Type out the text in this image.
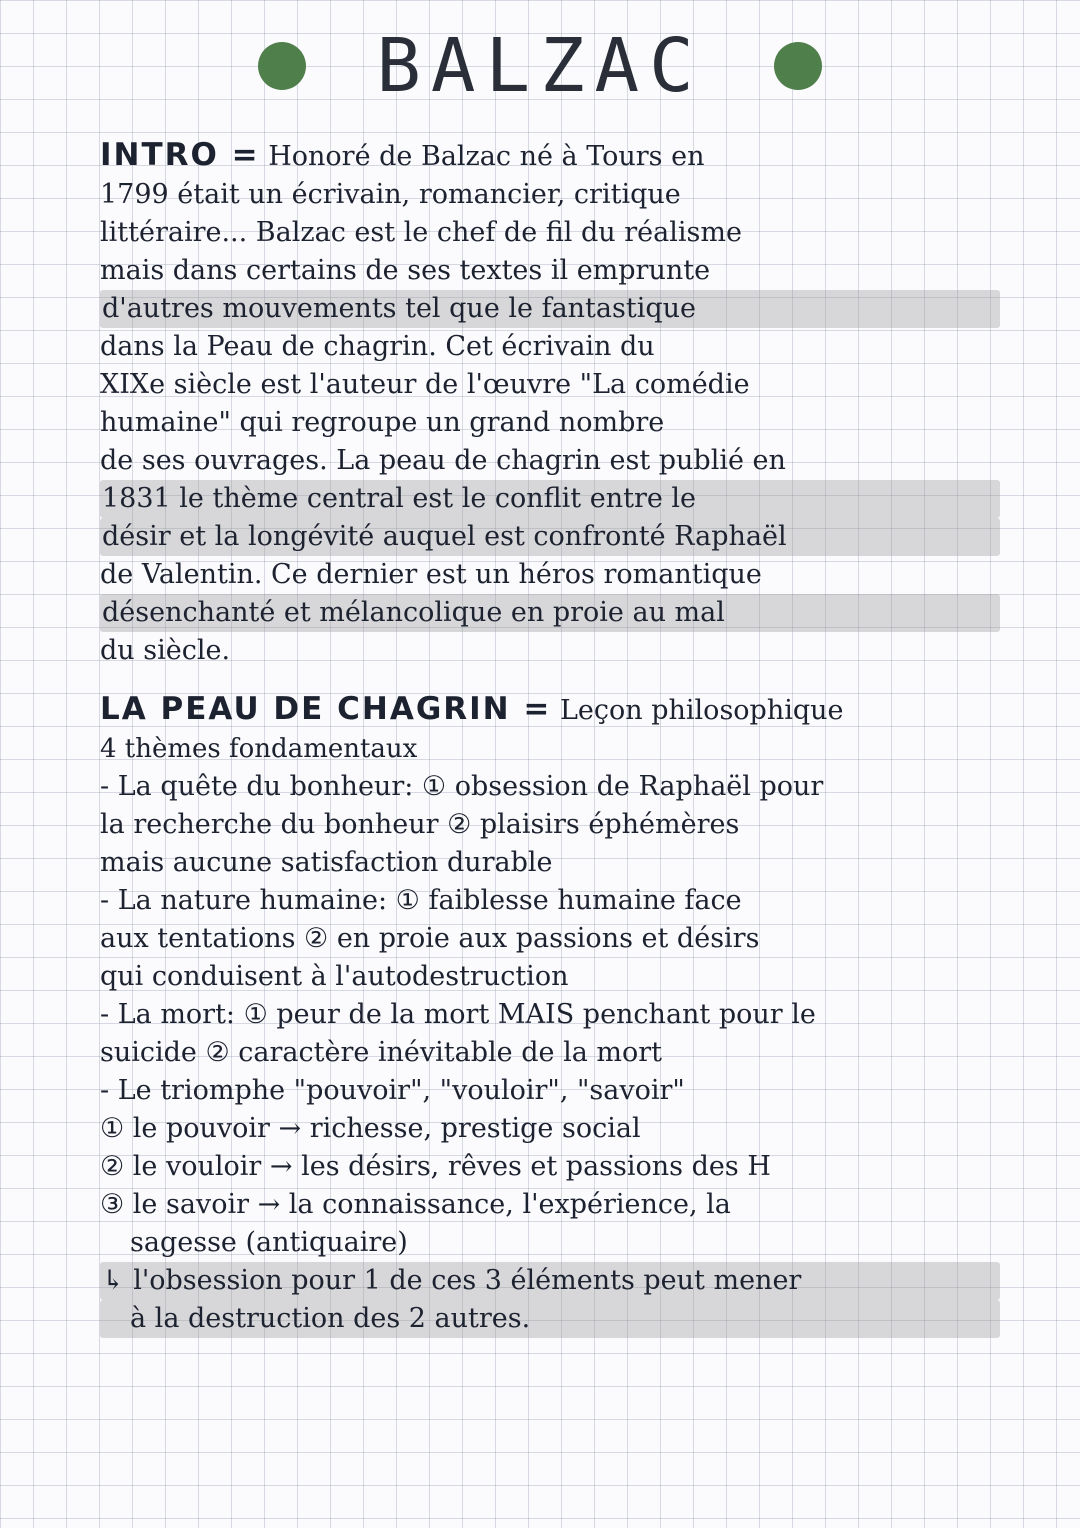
BALZAC
INTRO = Honoré de Balzac né à Tours en
1799 était un écrivain, romancier, critique
littéraire... Balzac est le chef de fil du réalisme
mais dans certains de ses textes il emprunte
d'autres mouvements tel que le fantastique
dans la Peau de chagrin. Cet écrivain du
XIXe siècle est l'auteur de l'œuvre "La comédie
humaine" qui regroupe un grand nombre
de ses ouvrages. La peau de chagrin est publié en
1831 le thème central est le conflit entre le
désir et la longévité auquel est confronté Raphaël
de Valentin. Ce dernier est un héros romantique
désenchanté et mélancolique en proie au mal
du siècle.
LA PEAU DE CHAGRIN = Leçon philosophique
4 thèmes fondamentaux
- La quête du bonheur: ① obsession de Raphaël pour
la recherche du bonheur ② plaisirs éphémères
mais aucune satisfaction durable
- La nature humaine: ① faiblesse humaine face
aux tentations ② en proie aux passions et désirs
qui conduisent à l'autodestruction
- La mort: ① peur de la mort MAIS penchant pour le
suicide ② caractère inévitable de la mort
- Le triomphe "pouvoir", "vouloir", "savoir"
① le pouvoir → richesse, prestige social
② le vouloir → les désirs, rêves et passions des H
③ le savoir → la connaissance, l'expérience, la
sagesse (antiquaire)
↳ l'obsession pour 1 de ces 3 éléments peut mener
à la destruction des 2 autres.
